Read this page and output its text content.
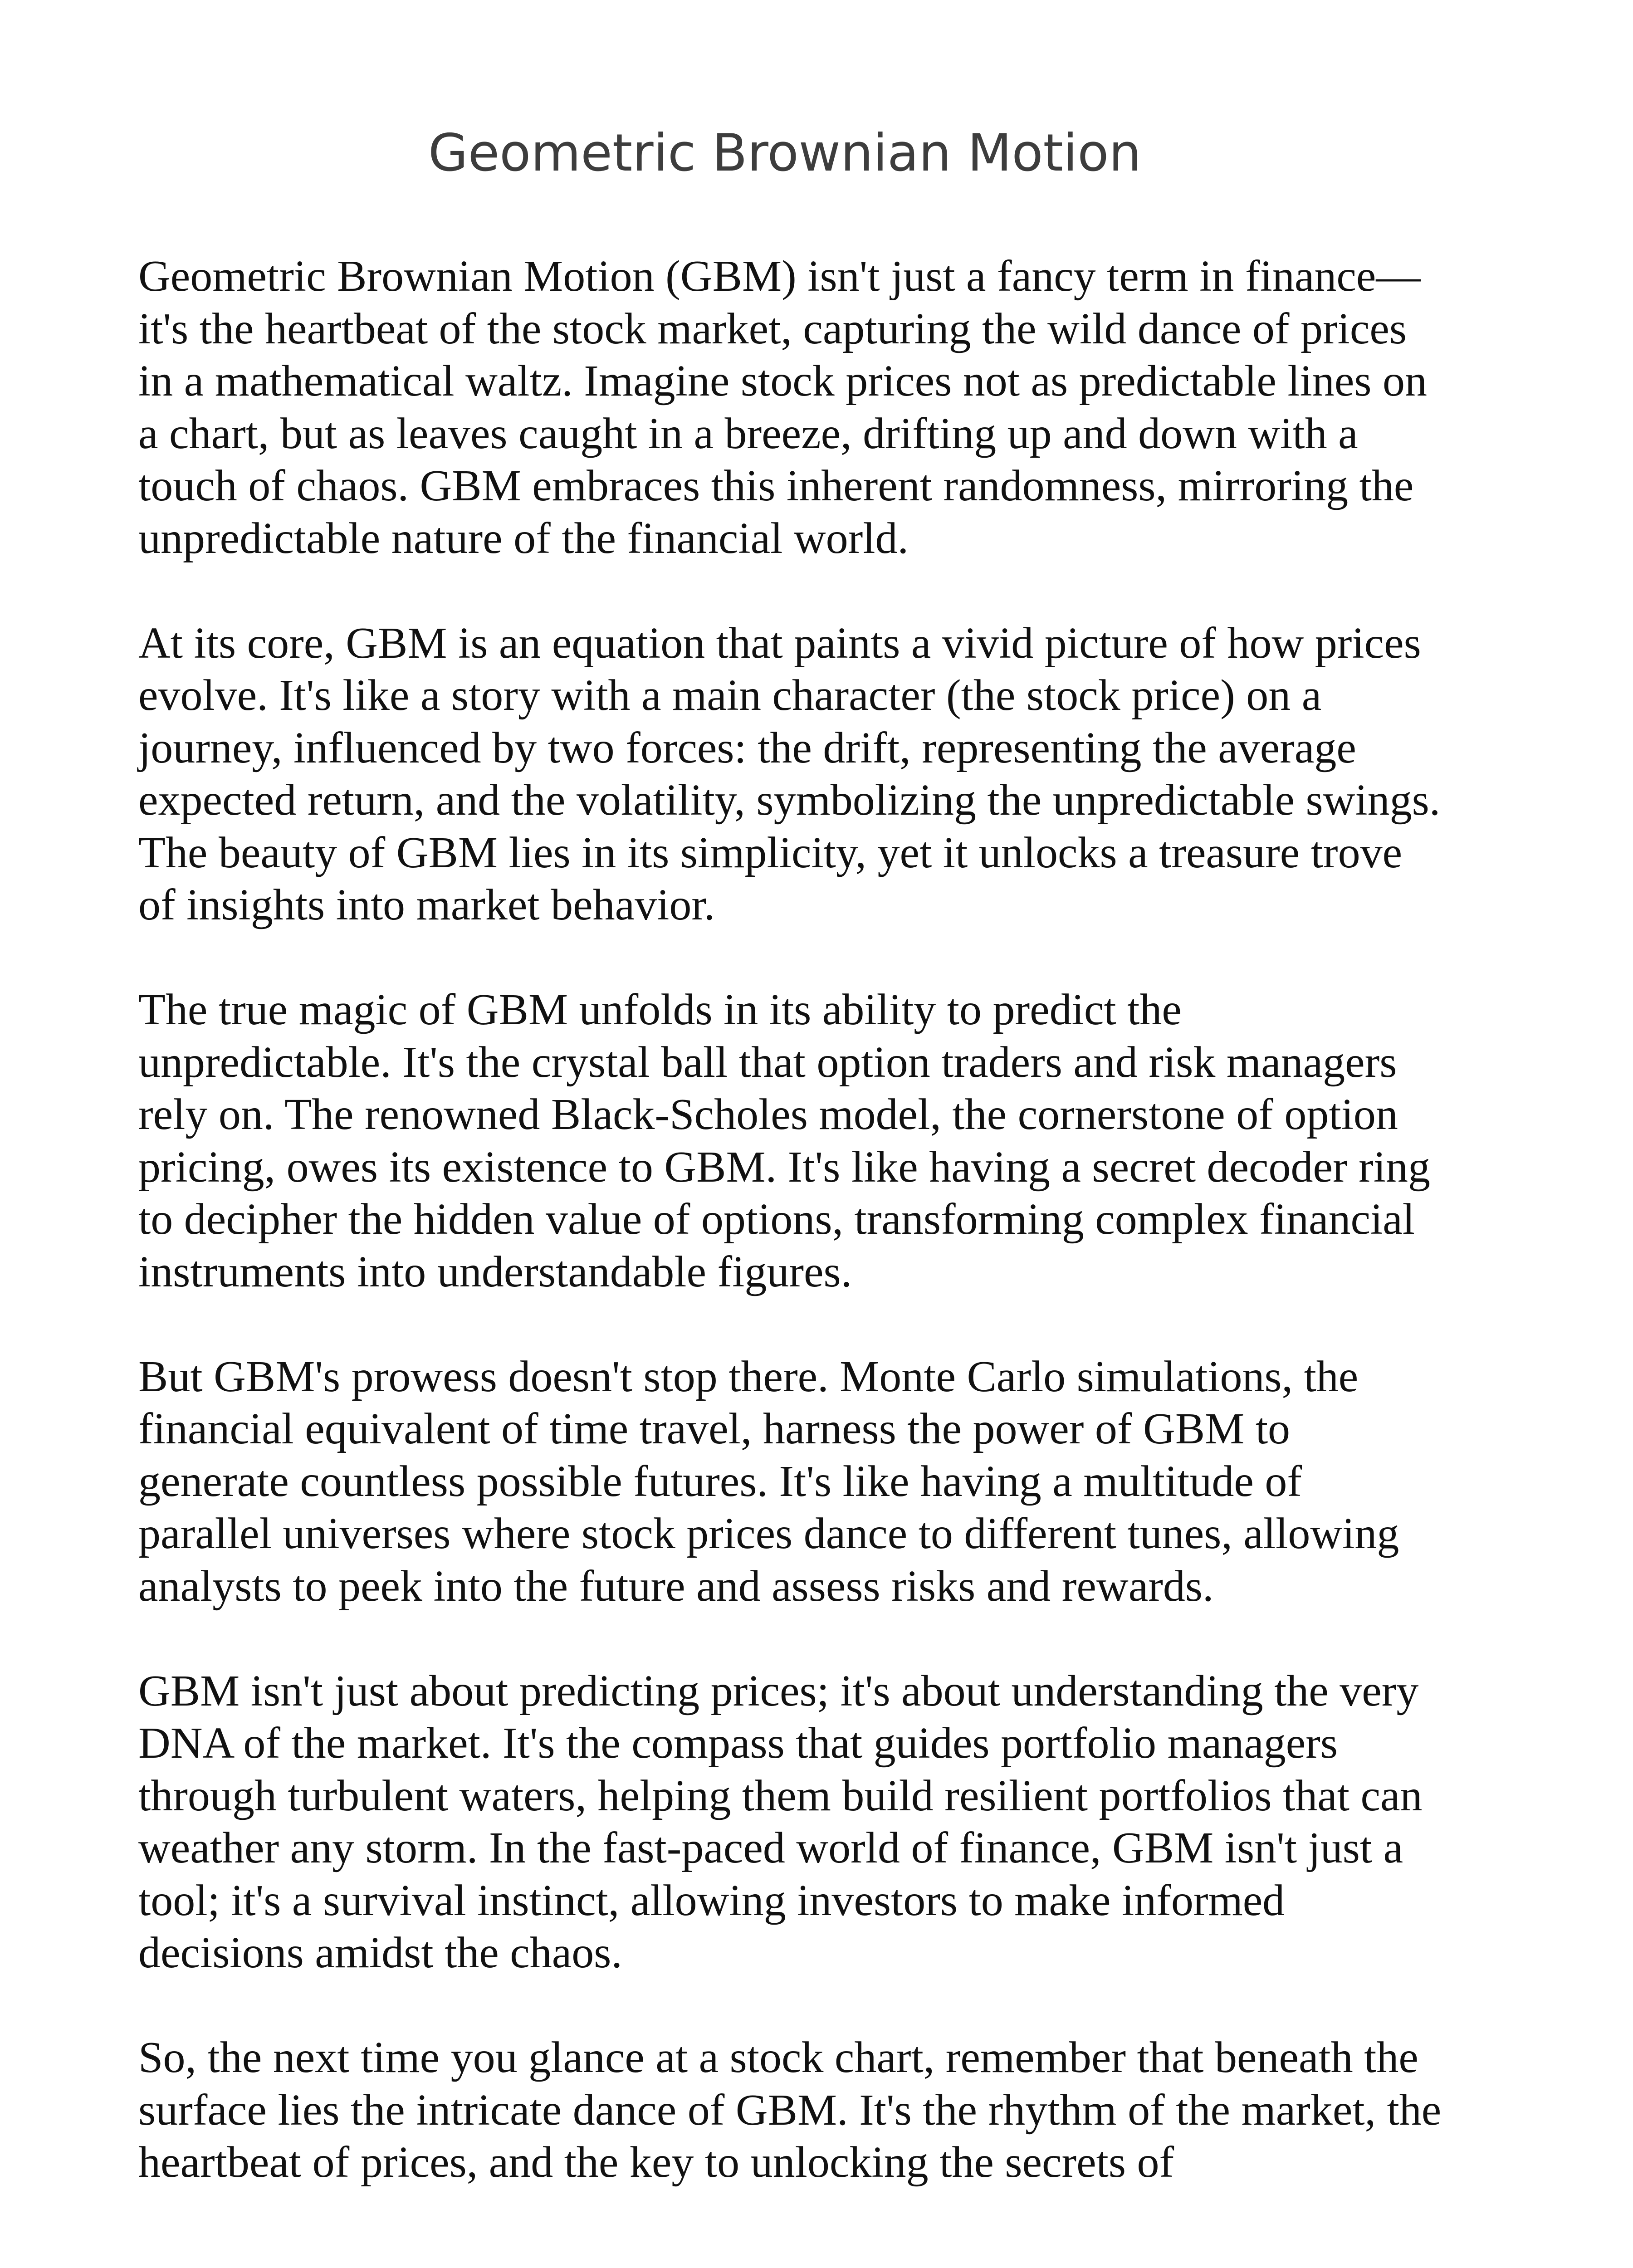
Geometric Brownian Motion

Geometric Brownian Motion (GBM) isn't just a fancy term in finance—it's the heartbeat of the stock market, capturing the wild dance of prices in a mathematical waltz. Imagine stock prices not as predictable lines on a chart, but as leaves caught in a breeze, drifting up and down with a touch of chaos. GBM embraces this inherent randomness, mirroring the unpredictable nature of the financial world.

At its core, GBM is an equation that paints a vivid picture of how prices evolve. It's like a story with a main character (the stock price) on a journey, influenced by two forces: the drift, representing the average expected return, and the volatility, symbolizing the unpredictable swings. The beauty of GBM lies in its simplicity, yet it unlocks a treasure trove of insights into market behavior.

The true magic of GBM unfolds in its ability to predict the unpredictable. It's the crystal ball that option traders and risk managers rely on. The renowned Black-Scholes model, the cornerstone of option pricing, owes its existence to GBM. It's like having a secret decoder ring to decipher the hidden value of options, transforming complex financial instruments into understandable figures.

But GBM's prowess doesn't stop there. Monte Carlo simulations, the financial equivalent of time travel, harness the power of GBM to generate countless possible futures. It's like having a multitude of parallel universes where stock prices dance to different tunes, allowing analysts to peek into the future and assess risks and rewards.

GBM isn't just about predicting prices; it's about understanding the very DNA of the market. It's the compass that guides portfolio managers through turbulent waters, helping them build resilient portfolios that can weather any storm. In the fast-paced world of finance, GBM isn't just a tool; it's a survival instinct, allowing investors to make informed decisions amidst the chaos.

So, the next time you glance at a stock chart, remember that beneath the surface lies the intricate dance of GBM. It's the rhythm of the market, the heartbeat of prices, and the key to unlocking the secrets of
